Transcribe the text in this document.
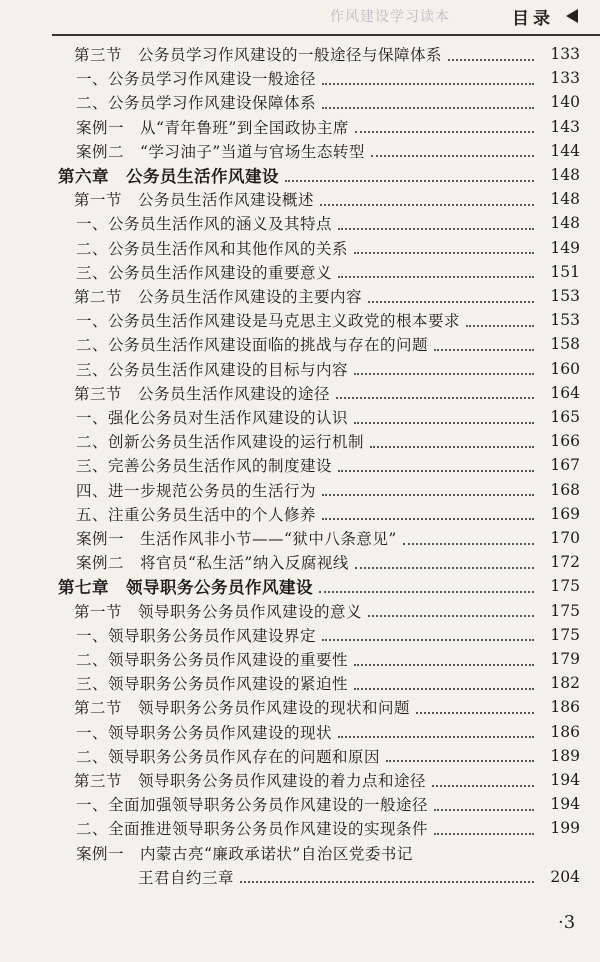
作风建设学习读本	目录
第三节　公务员学习作风建设的一般途径与保障体系	133
一、公务员学习作风建设一般途径	133
二、公务员学习作风建设保障体系	140
案例一　从“青年鲁班”到全国政协主席	143
案例二　“学习油子”当道与官场生态转型	144
第六章　公务员生活作风建设	148
第一节　公务员生活作风建设概述	148
一、公务员生活作风的涵义及其特点	148
二、公务员生活作风和其他作风的关系	149
三、公务员生活作风建设的重要意义	151
第二节　公务员生活作风建设的主要内容	153
一、公务员生活作风建设是马克思主义政党的根本要求	153
二、公务员生活作风建设面临的挑战与存在的问题	158
三、公务员生活作风建设的目标与内容	160
第三节　公务员生活作风建设的途径	164
一、强化公务员对生活作风建设的认识	165
二、创新公务员生活作风建设的运行机制	166
三、完善公务员生活作风的制度建设	167
四、进一步规范公务员的生活行为	168
五、注重公务员生活中的个人修养	169
案例一　生活作风非小节——“狱中八条意见”	170
案例二　将官员“私生活”纳入反腐视线	172
第七章　领导职务公务员作风建设	175
第一节　领导职务公务员作风建设的意义	175
一、领导职务公务员作风建设界定	175
二、领导职务公务员作风建设的重要性	179
三、领导职务公务员作风建设的紧迫性	182
第二节　领导职务公务员作风建设的现状和问题	186
一、领导职务公务员作风建设的现状	186
二、领导职务公务员作风存在的问题和原因	189
第三节　领导职务公务员作风建设的着力点和途径	194
一、全面加强领导职务公务员作风建设的一般途径	194
二、全面推进领导职务公务员作风建设的实现条件	199
案例一　内蒙古亮“廉政承诺状”自治区党委书记
王君自约三章	204
·3
